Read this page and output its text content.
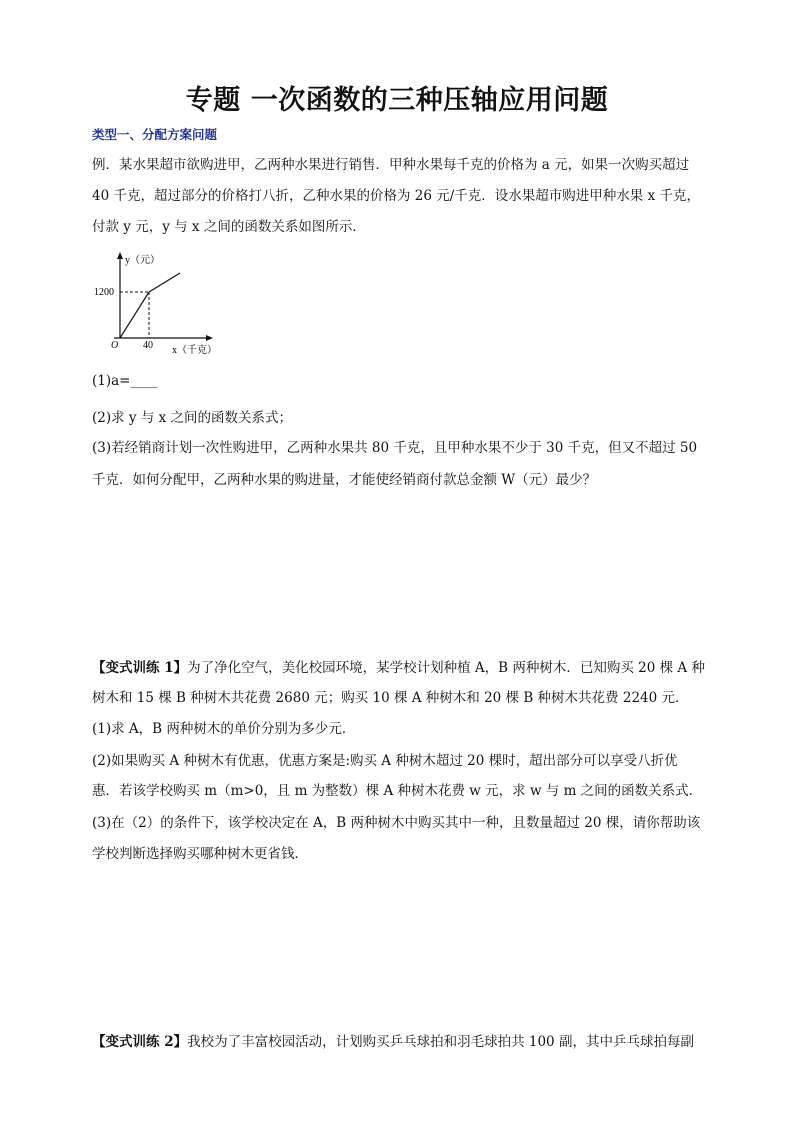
专题 一次函数的三种压轴应用问题
类型一、分配方案问题
例．某水果超市欲购进甲，乙两种水果进行销售．甲种水果每千克的价格为 a 元，如果一次购买超过
40 千克，超过部分的价格打八折，乙种水果的价格为 26 元/千克．设水果超市购进甲种水果 x 千克，
付款 y 元，y 与 x 之间的函数关系如图所示．
y（元）
1200
O 40 x（千克）
(1)a=____
(2)求 y 与 x 之间的函数关系式；
(3)若经销商计划一次性购进甲，乙两种水果共 80 千克，且甲种水果不少于 30 千克，但又不超过 50
千克．如何分配甲，乙两种水果的购进量，才能使经销商付款总金额 W（元）最少？
【变式训练 1】为了净化空气，美化校园环境，某学校计划种植 A，B 两种树木．已知购买 20 棵 A 种
树木和 15 棵 B 种树木共花费 2680 元；购买 10 棵 A 种树木和 20 棵 B 种树木共花费 2240 元．
(1)求 A，B 两种树木的单价分别为多少元．
(2)如果购买 A 种树木有优惠，优惠方案是:购买 A 种树木超过 20 棵时，超出部分可以享受八折优
惠．若该学校购买 m（m>0，且 m 为整数）棵 A 种树木花费 w 元，求 w 与 m 之间的函数关系式．
(3)在（2）的条件下，该学校决定在 A，B 两种树木中购买其中一种，且数量超过 20 棵，请你帮助该
学校判断选择购买哪种树木更省钱．
【变式训练 2】我校为了丰富校园活动，计划购买乒乓球拍和羽毛球拍共 100 副，其中乒乓球拍每副
